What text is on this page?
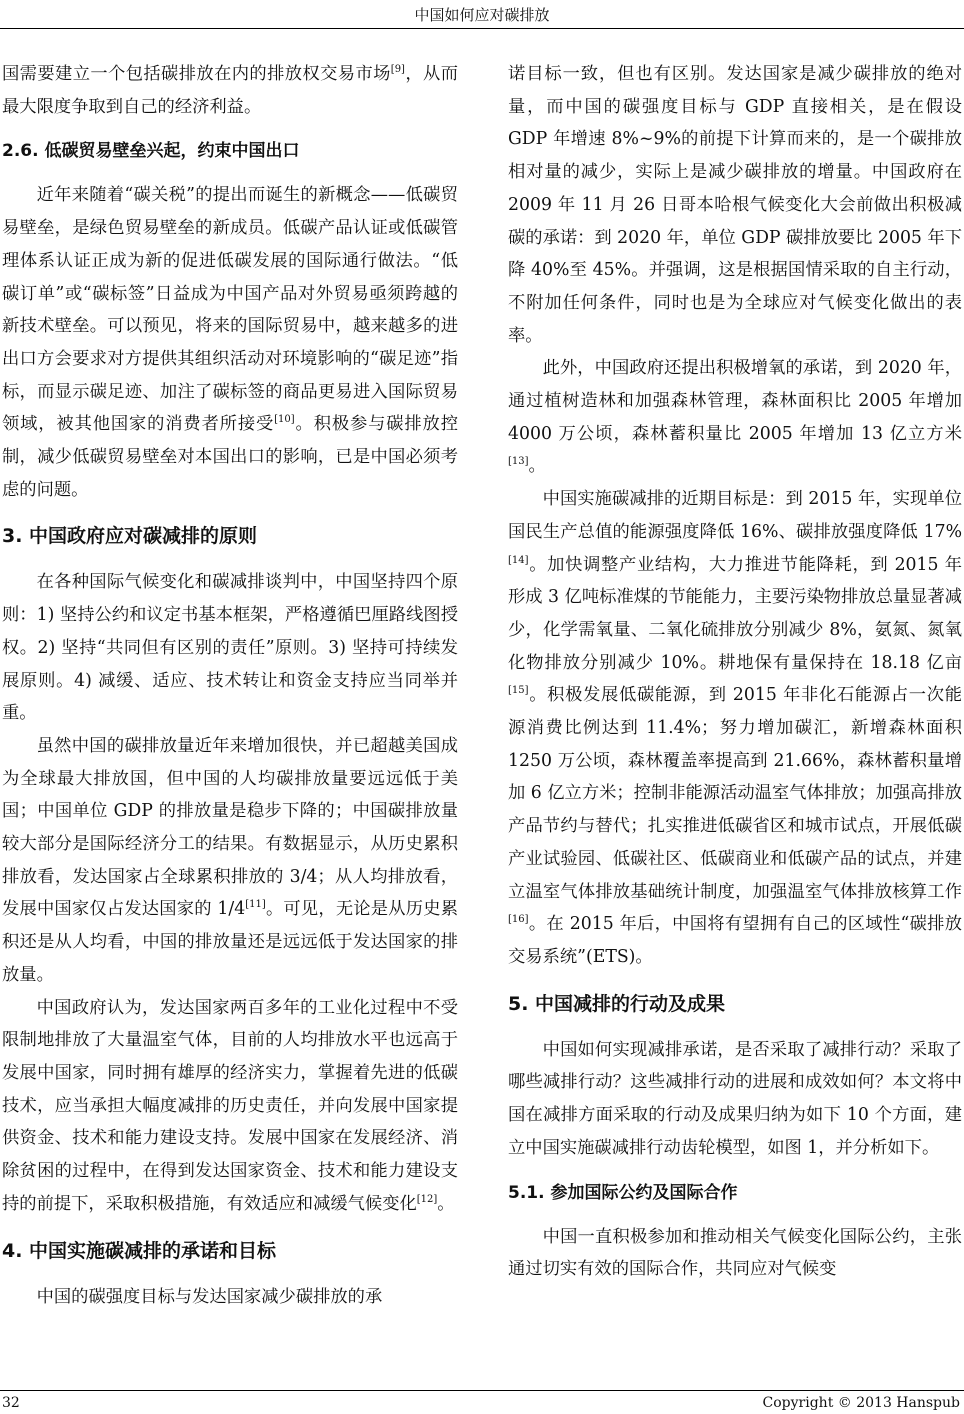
中国如何应对碳排放

国需要建立一个包括碳排放在内的排放权交易市场[9]，从而最大限度争取到自己的经济利益。

2.6. 低碳贸易壁垒兴起，约束中国出口

近年来随着“碳关税”的提出而诞生的新概念——低碳贸易壁垒，是绿色贸易壁垒的新成员。低碳产品认证或低碳管理体系认证正成为新的促进低碳发展的国际通行做法。“低碳订单”或“碳标签”日益成为中国产品对外贸易亟须跨越的新技术壁垒。可以预见，将来的国际贸易中，越来越多的进出口方会要求对方提供其组织活动对环境影响的“碳足迹”指标，而显示碳足迹、加注了碳标签的商品更易进入国际贸易领域，被其他国家的消费者所接受[10]。积极参与碳排放控制，减少低碳贸易壁垒对本国出口的影响，已是中国必须考虑的问题。

3. 中国政府应对碳减排的原则

在各种国际气候变化和碳减排谈判中，中国坚持四个原则：1) 坚持公约和议定书基本框架，严格遵循巴厘路线图授权。2) 坚持“共同但有区别的责任”原则。3) 坚持可持续发展原则。4) 减缓、适应、技术转让和资金支持应当同举并重。

虽然中国的碳排放量近年来增加很快，并已超越美国成为全球最大排放国，但中国的人均碳排放量要远远低于美国；中国单位 GDP 的排放量是稳步下降的；中国碳排放量较大部分是国际经济分工的结果。有数据显示，从历史累积排放看，发达国家占全球累积排放的 3/4；从人均排放看，发展中国家仅占发达国家的 1/4[11]。可见，无论是从历史累积还是从人均看，中国的排放量还是远远低于发达国家的排放量。

中国政府认为，发达国家两百多年的工业化过程中不受限制地排放了大量温室气体，目前的人均排放水平也远高于发展中国家，同时拥有雄厚的经济实力，掌握着先进的低碳技术，应当承担大幅度减排的历史责任，并向发展中国家提供资金、技术和能力建设支持。发展中国家在发展经济、消除贫困的过程中，在得到发达国家资金、技术和能力建设支持的前提下，采取积极措施，有效适应和减缓气候变化[12]。

4. 中国实施碳减排的承诺和目标

中国的碳强度目标与发达国家减少碳排放的承

诺目标一致，但也有区别。发达国家是减少碳排放的绝对量，而中国的碳强度目标与 GDP 直接相关，是在假设 GDP 年增速 8%~9%的前提下计算而来的，是一个碳排放相对量的减少，实际上是减少碳排放的增量。中国政府在 2009 年 11 月 26 日哥本哈根气候变化大会前做出积极减碳的承诺：到 2020 年，单位 GDP 碳排放要比 2005 年下降 40%至 45%。并强调，这是根据国情采取的自主行动，不附加任何条件，同时也是为全球应对气候变化做出的表率。

此外，中国政府还提出积极增氧的承诺，到 2020 年，通过植树造林和加强森林管理，森林面积比 2005 年增加 4000 万公顷，森林蓄积量比 2005 年增加 13 亿立方米[13]。

中国实施碳减排的近期目标是：到 2015 年，实现单位国民生产总值的能源强度降低 16%、碳排放强度降低 17%[14]。加快调整产业结构，大力推进节能降耗，到 2015 年形成 3 亿吨标准煤的节能能力，主要污染物排放总量显著减少，化学需氧量、二氧化硫排放分别减少 8%，氨氮、氮氧化物排放分别减少 10%。耕地保有量保持在 18.18 亿亩[15]。积极发展低碳能源，到 2015 年非化石能源占一次能源消费比例达到 11.4%；努力增加碳汇，新增森林面积 1250 万公顷，森林覆盖率提高到 21.66%，森林蓄积量增加 6 亿立方米；控制非能源活动温室气体排放；加强高排放产品节约与替代；扎实推进低碳省区和城市试点，开展低碳产业试验园、低碳社区、低碳商业和低碳产品的试点，并建立温室气体排放基础统计制度，加强温室气体排放核算工作[16]。在 2015 年后，中国将有望拥有自己的区域性“碳排放交易系统”(ETS)。

5. 中国减排的行动及成果

中国如何实现减排承诺，是否采取了减排行动？采取了哪些减排行动？这些减排行动的进展和成效如何？本文将中国在减排方面采取的行动及成果归纳为如下 10 个方面，建立中国实施碳减排行动齿轮模型，如图 1，并分析如下。

5.1. 参加国际公约及国际合作

中国一直积极参加和推动相关气候变化国际公约，主张通过切实有效的国际合作，共同应对气候变

32	Copyright © 2013 Hanspub
